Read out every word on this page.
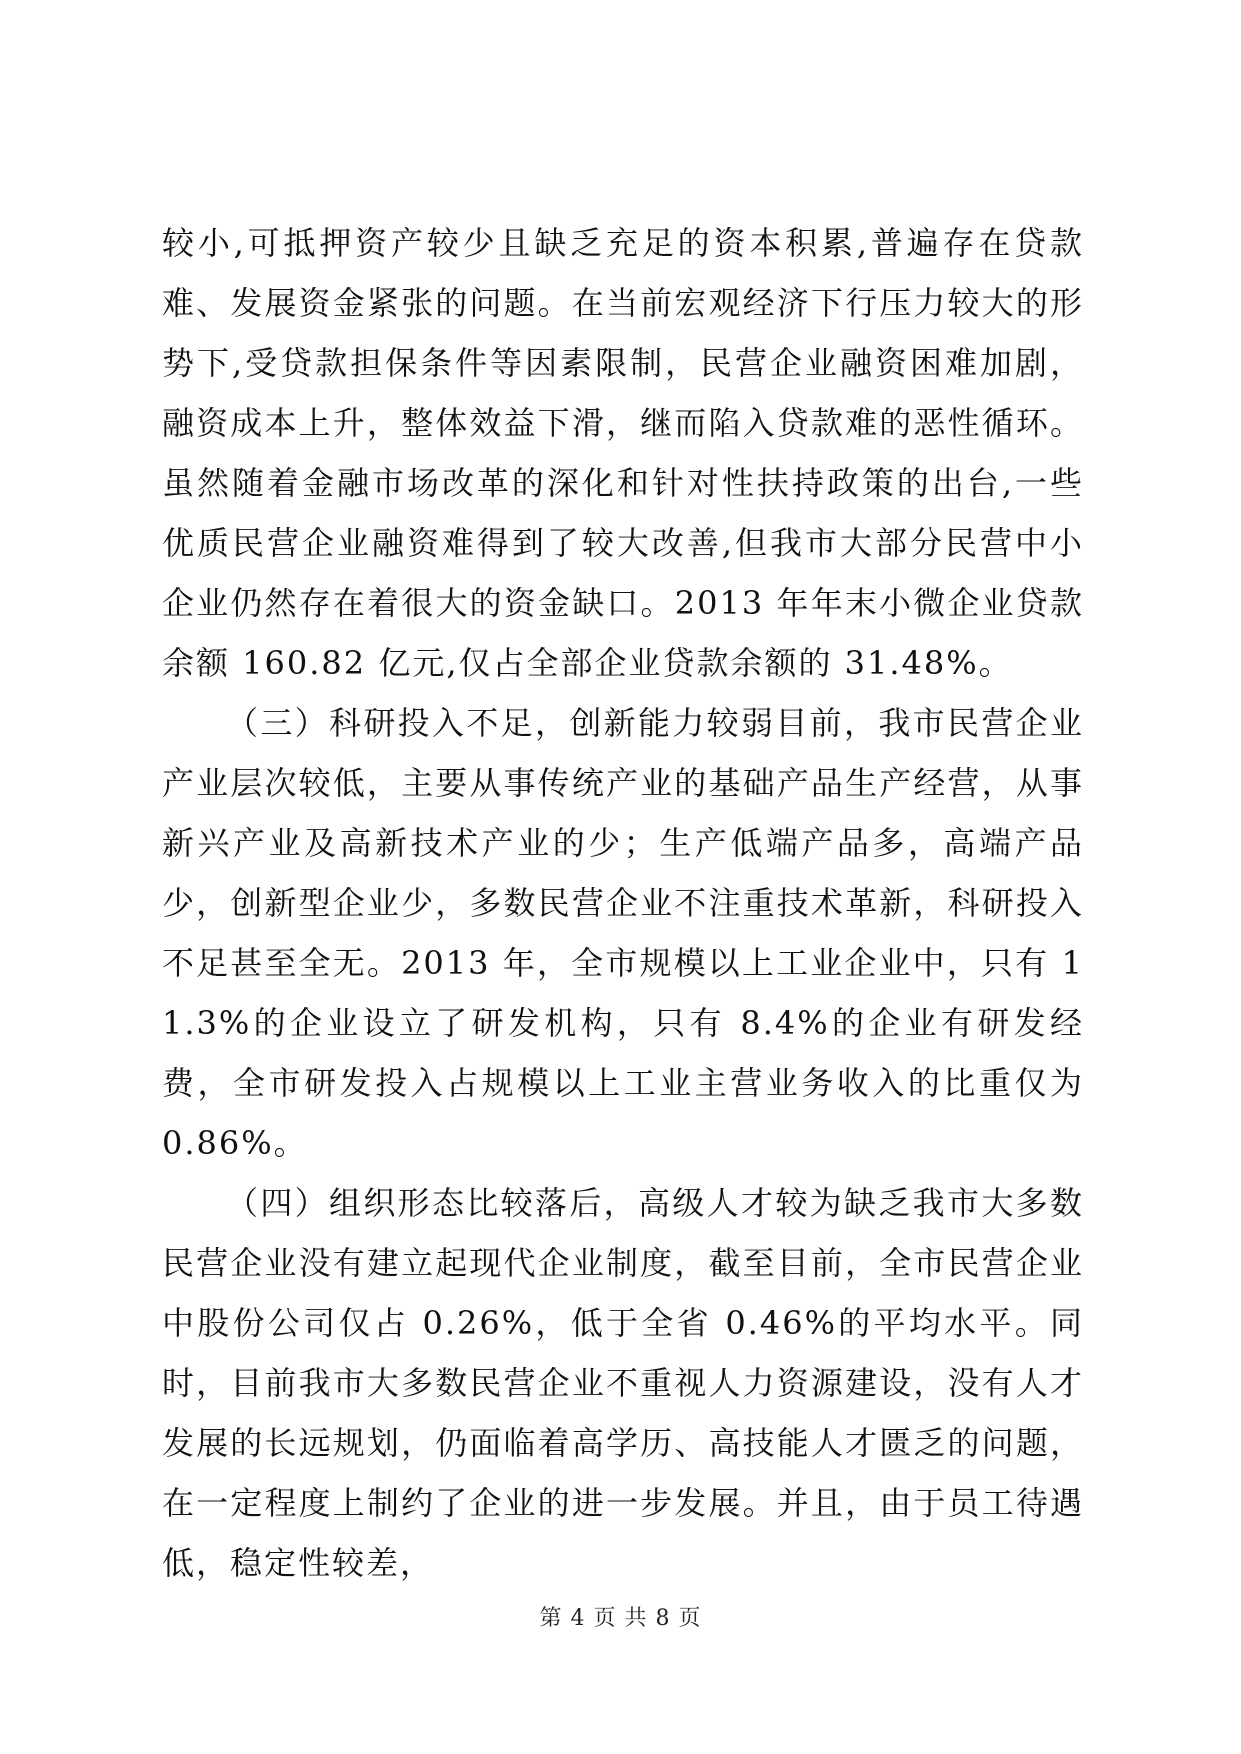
较小,可抵押资产较少且缺乏充足的资本积累,普遍存在贷款难、发展资金紧张的问题。在当前宏观经济下行压力较大的形势下,受贷款担保条件等因素限制，民营企业融资困难加剧，融资成本上升，整体效益下滑，继而陷入贷款难的恶性循环。虽然随着金融市场改革的深化和针对性扶持政策的出台,一些优质民营企业融资难得到了较大改善,但我市大部分民营中小企业仍然存在着很大的资金缺口。2013 年年末小微企业贷款余额 160.82 亿元,仅占全部企业贷款余额的 31.48%。

（三）科研投入不足，创新能力较弱目前，我市民营企业产业层次较低，主要从事传统产业的基础产品生产经营，从事新兴产业及高新技术产业的少；生产低端产品多，高端产品少，创新型企业少，多数民营企业不注重技术革新，科研投入不足甚至全无。2013 年，全市规模以上工业企业中，只有 11.3%的企业设立了研发机构，只有 8.4%的企业有研发经费，全市研发投入占规模以上工业主营业务收入的比重仅为 0.86%。

（四）组织形态比较落后，高级人才较为缺乏我市大多数民营企业没有建立起现代企业制度，截至目前，全市民营企业中股份公司仅占 0.26%，低于全省 0.46%的平均水平。同时，目前我市大多数民营企业不重视人力资源建设，没有人才发展的长远规划，仍面临着高学历、高技能人才匮乏的问题，在一定程度上制约了企业的进一步发展。并且，由于员工待遇低，稳定性较差，

第 4 页 共 8 页
